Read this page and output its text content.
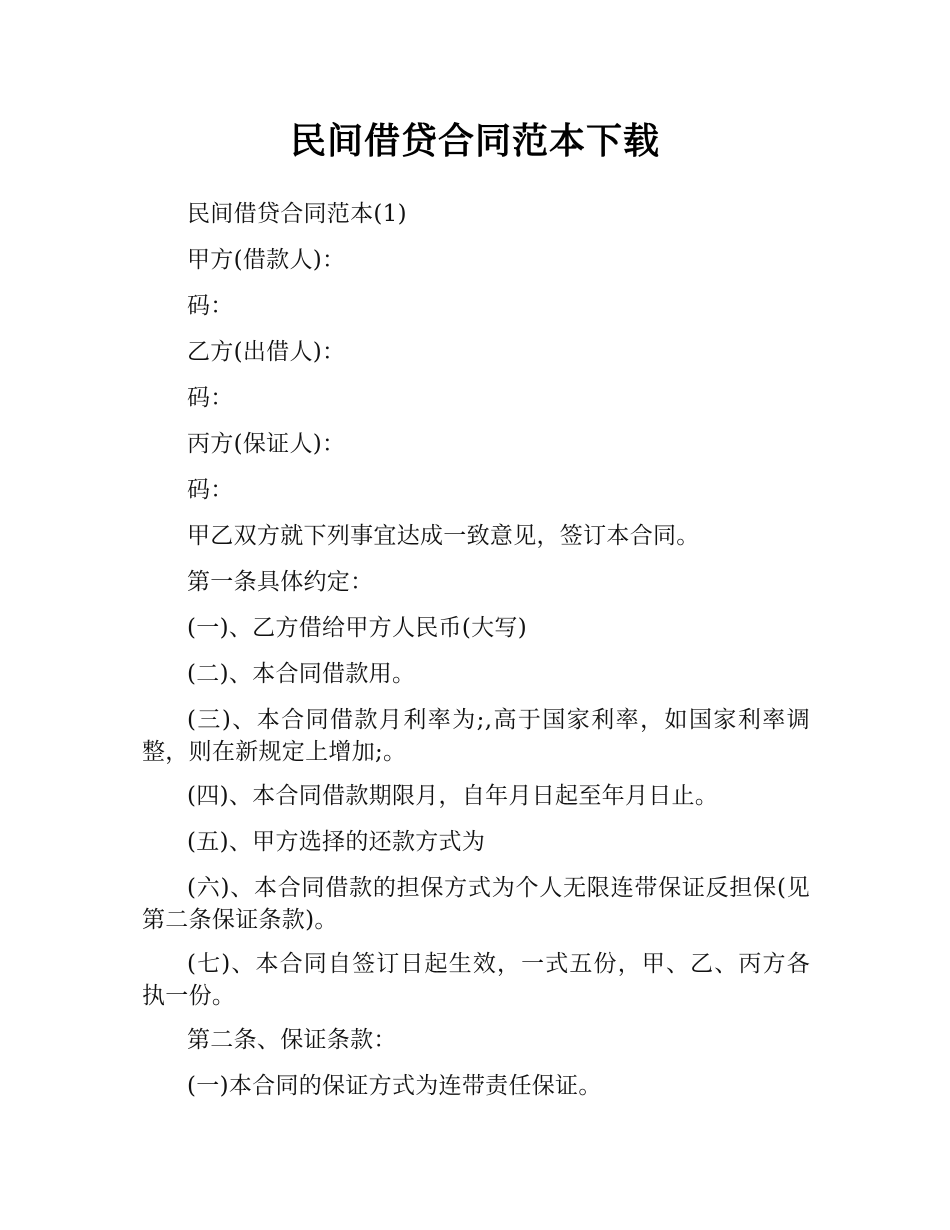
民间借贷合同范本下载

民间借贷合同范本(1)

甲方(借款人)：

码：

乙方(出借人)：

码：

丙方(保证人)：

码：

甲乙双方就下列事宜达成一致意见，签订本合同。

第一条具体约定：

(一)、乙方借给甲方人民币(大写)

(二)、本合同借款用。

(三)、本合同借款月利率为;,高于国家利率，如国家利率调整，则在新规定上增加;。

(四)、本合同借款期限月，自年月日起至年月日止。

(五)、甲方选择的还款方式为

(六)、本合同借款的担保方式为个人无限连带保证反担保(见第二条保证条款)。

(七)、本合同自签订日起生效，一式五份，甲、乙、丙方各执一份。

第二条、保证条款：

(一)本合同的保证方式为连带责任保证。
